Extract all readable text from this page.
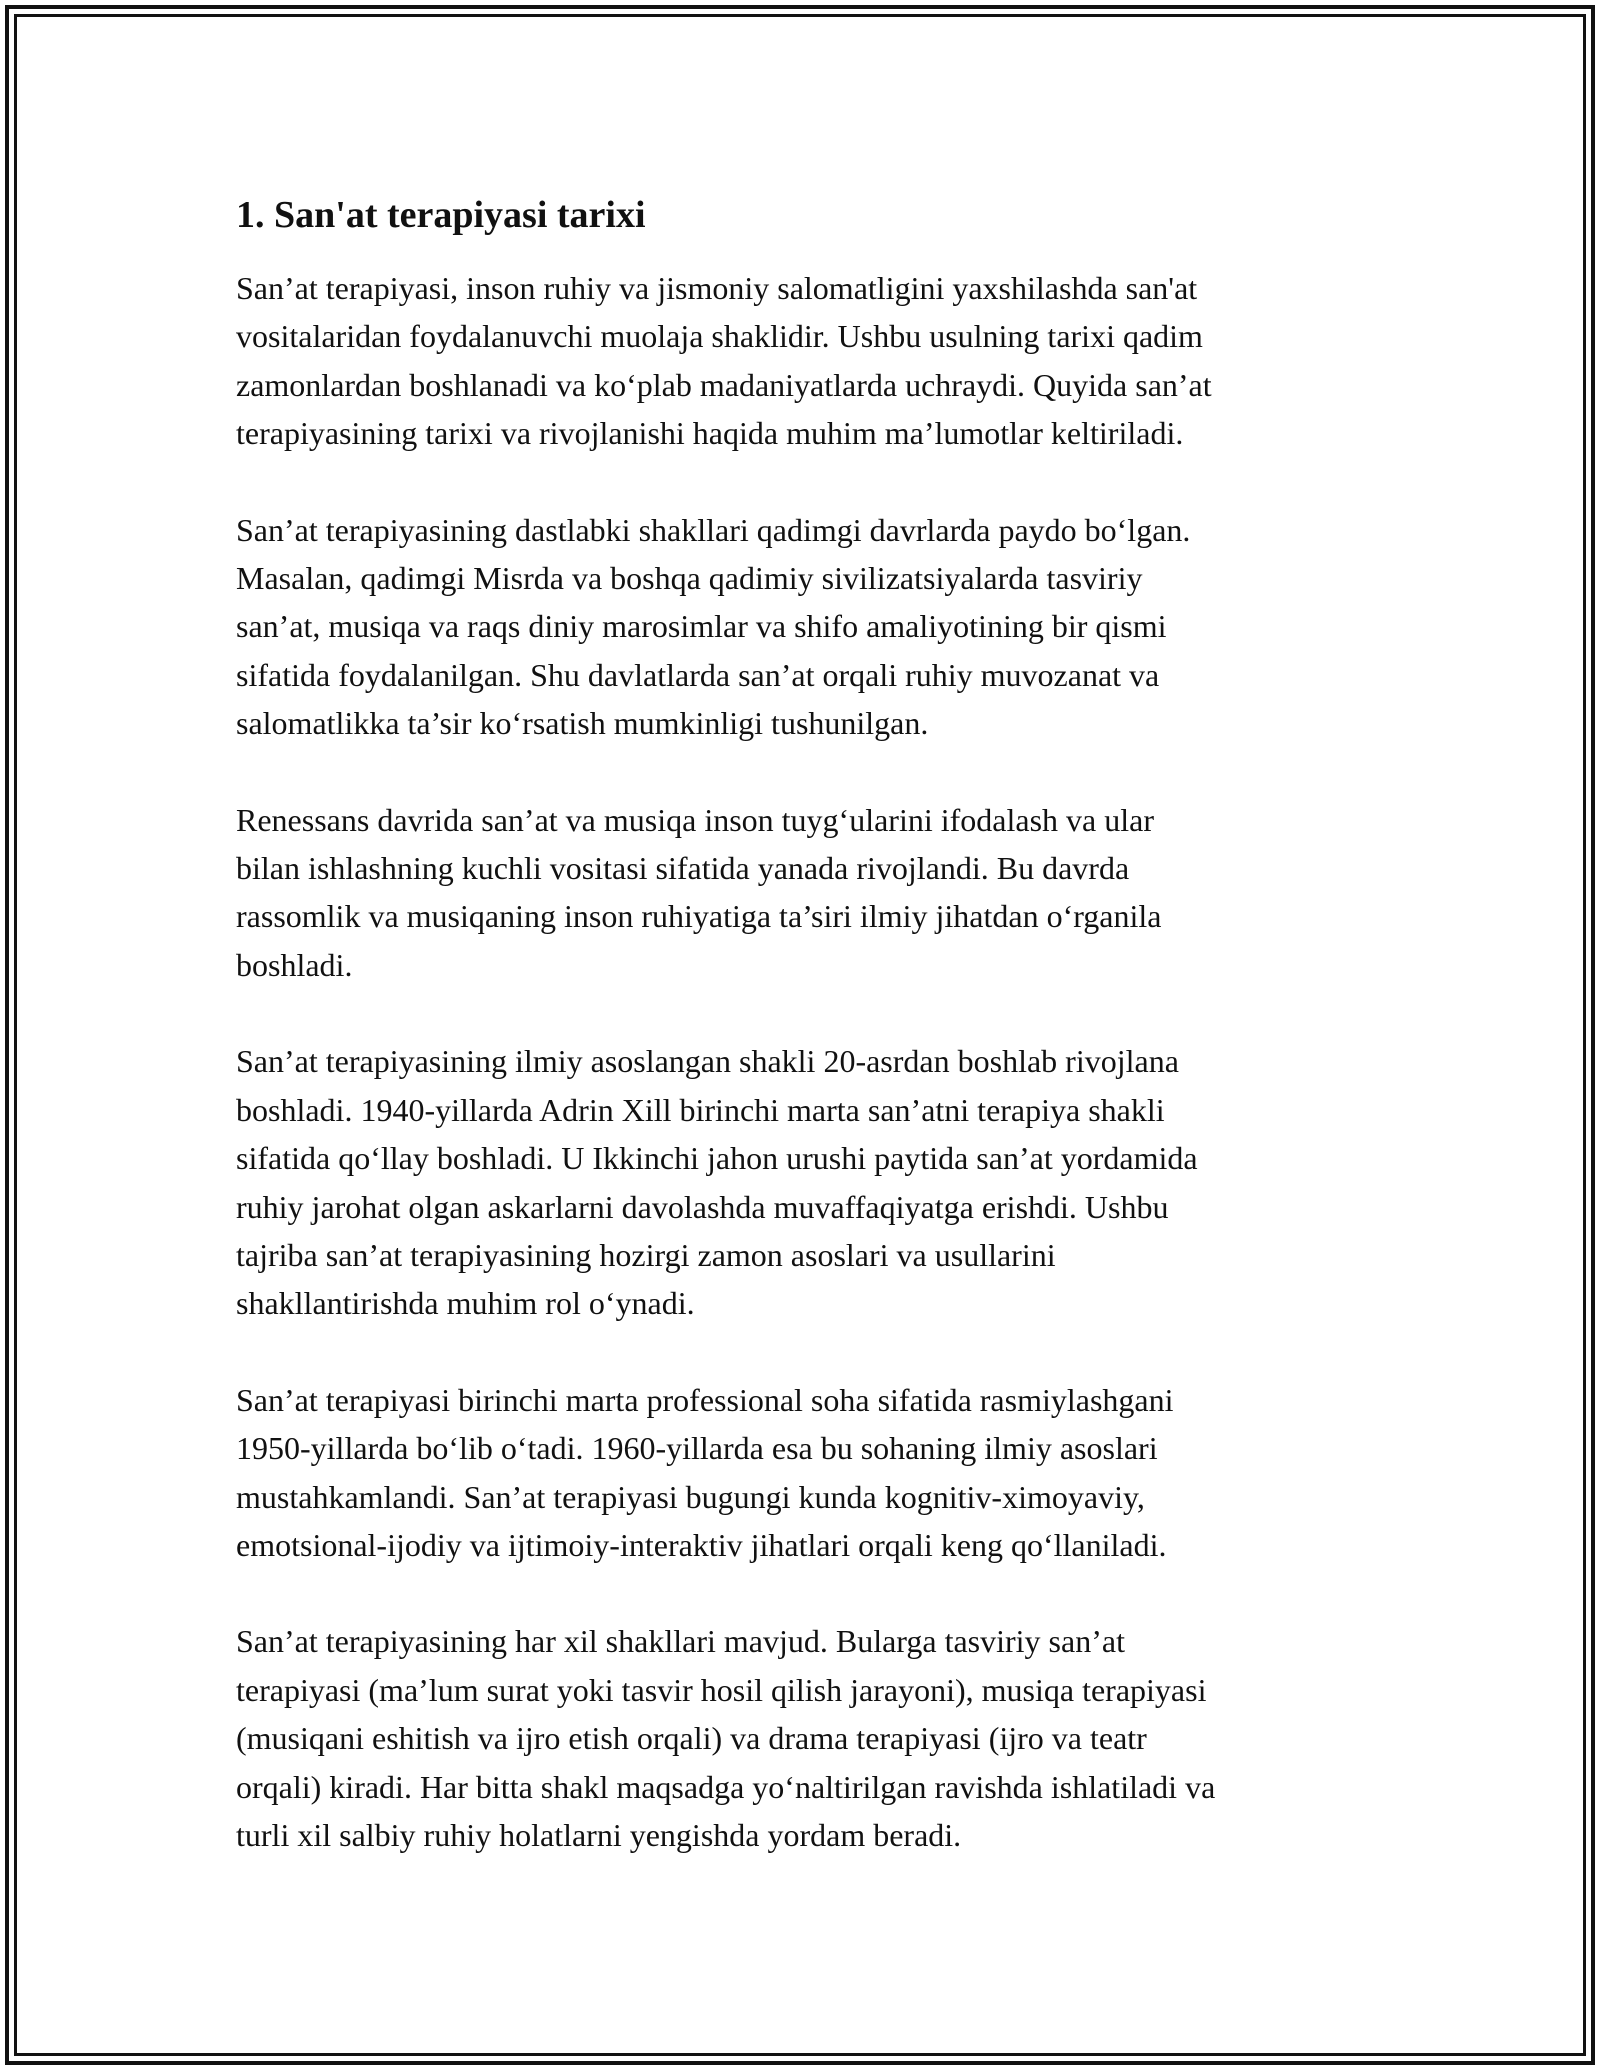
1. San'at terapiyasi tarixi

San’at terapiyasi, inson ruhiy va jismoniy salomatligini yaxshilashda san'at
vositalaridan foydalanuvchi muolaja shaklidir. Ushbu usulning tarixi qadim
zamonlardan boshlanadi va ko‘plab madaniyatlarda uchraydi. Quyida san’at
terapiyasining tarixi va rivojlanishi haqida muhim ma’lumotlar keltiriladi.

San’at terapiyasining dastlabki shakllari qadimgi davrlarda paydo bo‘lgan.
Masalan, qadimgi Misrda va boshqa qadimiy sivilizatsiyalarda tasviriy
san’at, musiqa va raqs diniy marosimlar va shifo amaliyotining bir qismi
sifatida foydalanilgan. Shu davlatlarda san’at orqali ruhiy muvozanat va
salomatlikka ta’sir ko‘rsatish mumkinligi tushunilgan.

Renessans davrida san’at va musiqa inson tuyg‘ularini ifodalash va ular
bilan ishlashning kuchli vositasi sifatida yanada rivojlandi. Bu davrda
rassomlik va musiqaning inson ruhiyatiga ta’siri ilmiy jihatdan o‘rganila
boshladi.

San’at terapiyasining ilmiy asoslangan shakli 20-asrdan boshlab rivojlana
boshladi. 1940-yillarda Adrin Xill birinchi marta san’atni terapiya shakli
sifatida qo‘llay boshladi. U Ikkinchi jahon urushi paytida san’at yordamida
ruhiy jarohat olgan askarlarni davolashda muvaffaqiyatga erishdi. Ushbu
tajriba san’at terapiyasining hozirgi zamon asoslari va usullarini
shakllantirishda muhim rol o‘ynadi.

San’at terapiyasi birinchi marta professional soha sifatida rasmiylashgani
1950-yillarda bo‘lib o‘tadi. 1960-yillarda esa bu sohaning ilmiy asoslari
mustahkamlandi. San’at terapiyasi bugungi kunda kognitiv-ximoyaviy,
emotsional-ijodiy va ijtimoiy-interaktiv jihatlari orqali keng qo‘llaniladi.

San’at terapiyasining har xil shakllari mavjud. Bularga tasviriy san’at
terapiyasi (ma’lum surat yoki tasvir hosil qilish jarayoni), musiqa terapiyasi
(musiqani eshitish va ijro etish orqali) va drama terapiyasi (ijro va teatr
orqali) kiradi. Har bitta shakl maqsadga yo‘naltirilgan ravishda ishlatiladi va
turli xil salbiy ruhiy holatlarni yengishda yordam beradi.
